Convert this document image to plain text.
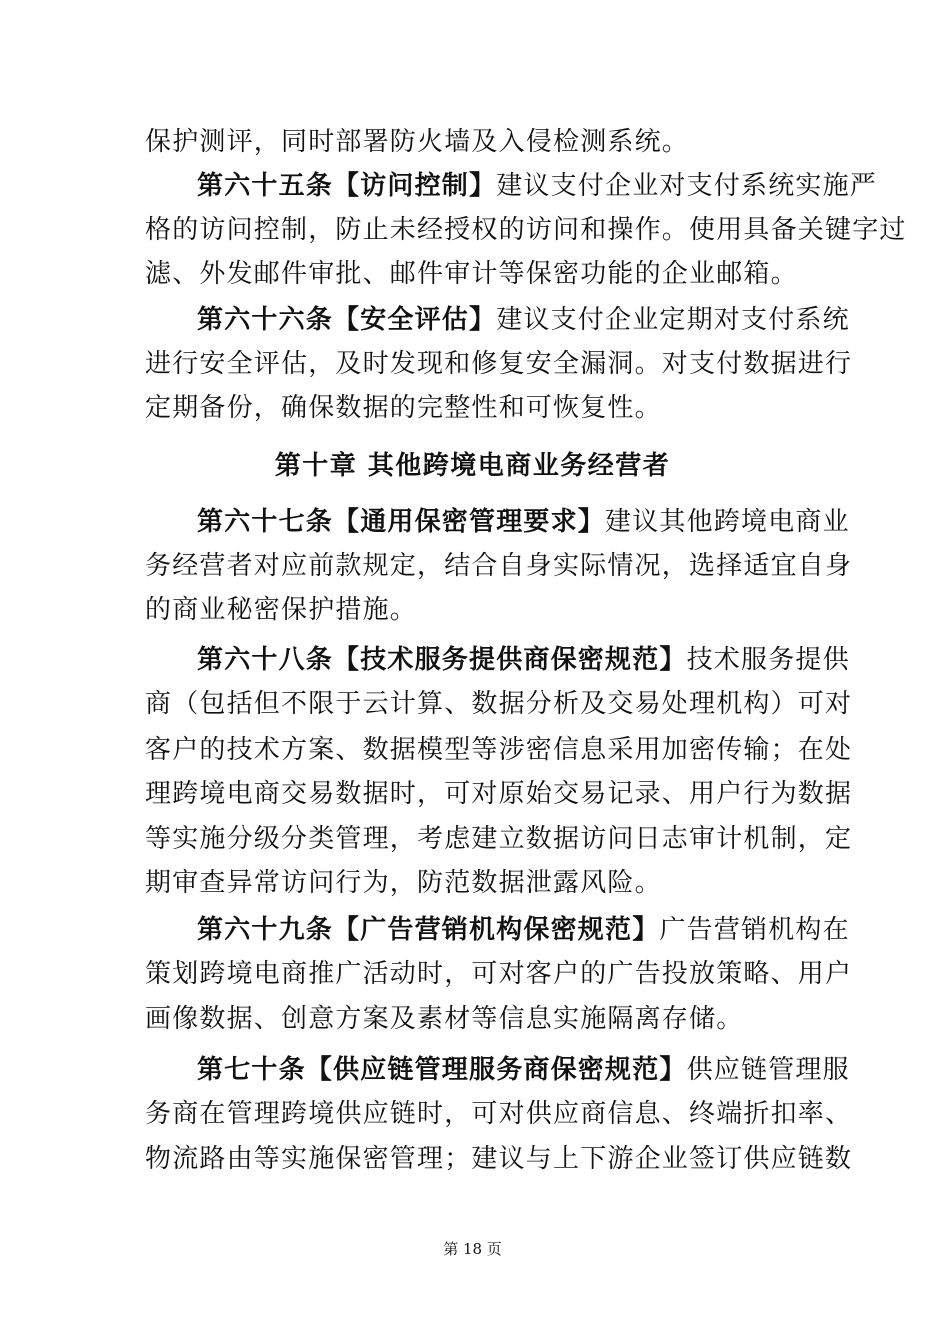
保护测评，同时部署防火墙及入侵检测系统。
第六十五条【访问控制】建议支付企业对支付系统实施严
格的访问控制，防止未经授权的访问和操作。使用具备关键字过
滤、外发邮件审批、邮件审计等保密功能的企业邮箱。
第六十六条【安全评估】建议支付企业定期对支付系统
进行安全评估，及时发现和修复安全漏洞。对支付数据进行
定期备份，确保数据的完整性和可恢复性。
第十章 其他跨境电商业务经营者
第六十七条【通用保密管理要求】建议其他跨境电商业
务经营者对应前款规定，结合自身实际情况，选择适宜自身
的商业秘密保护措施。
第六十八条【技术服务提供商保密规范】技术服务提供
商（包括但不限于云计算、数据分析及交易处理机构）可对
客户的技术方案、数据模型等涉密信息采用加密传输；在处
理跨境电商交易数据时，可对原始交易记录、用户行为数据
等实施分级分类管理，考虑建立数据访问日志审计机制，定
期审查异常访问行为，防范数据泄露风险。
第六十九条【广告营销机构保密规范】广告营销机构在
策划跨境电商推广活动时，可对客户的广告投放策略、用户
画像数据、创意方案及素材等信息实施隔离存储。
第七十条【供应链管理服务商保密规范】供应链管理服
务商在管理跨境供应链时，可对供应商信息、终端折扣率、
物流路由等实施保密管理；建议与上下游企业签订供应链数
第 18 页
